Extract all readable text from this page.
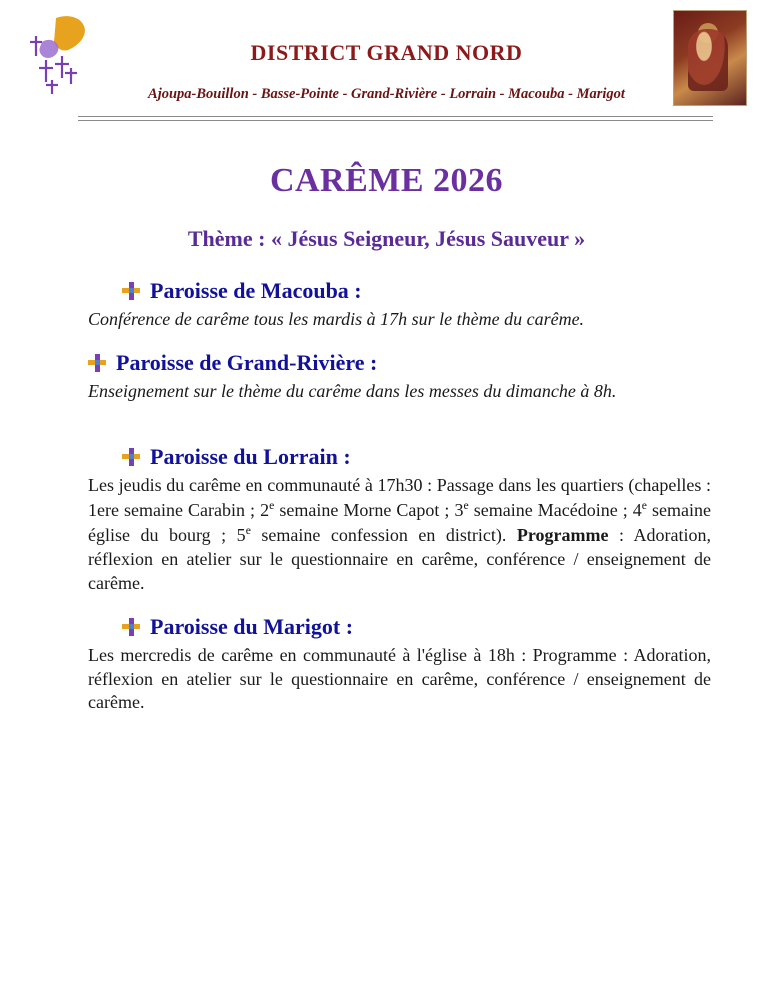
DISTRICT GRAND NORD
Ajoupa-Bouillon - Basse-Pointe - Grand-Rivière - Lorrain - Macouba - Marigot
CARÊME 2026
Thème : « Jésus Seigneur, Jésus Sauveur »
Paroisse de Macouba :
Conférence de carême tous les mardis à 17h sur le thème du carême.
Paroisse de Grand-Rivière :
Enseignement sur le thème du carême dans les messes du dimanche à 8h.
Paroisse du Lorrain :
Les jeudis du carême en communauté à 17h30 : Passage dans les quartiers (chapelles : 1ere semaine Carabin ; 2e semaine Morne Capot ; 3e semaine Macédoine ; 4e semaine église du bourg ; 5e semaine confession en district). Programme : Adoration, réflexion en atelier sur le questionnaire en carême, conférence / enseignement de carême.
Paroisse du Marigot :
Les mercredis de carême en communauté à l'église à 18h : Programme : Adoration, réflexion en atelier sur le questionnaire en carême, conférence / enseignement de carême.
